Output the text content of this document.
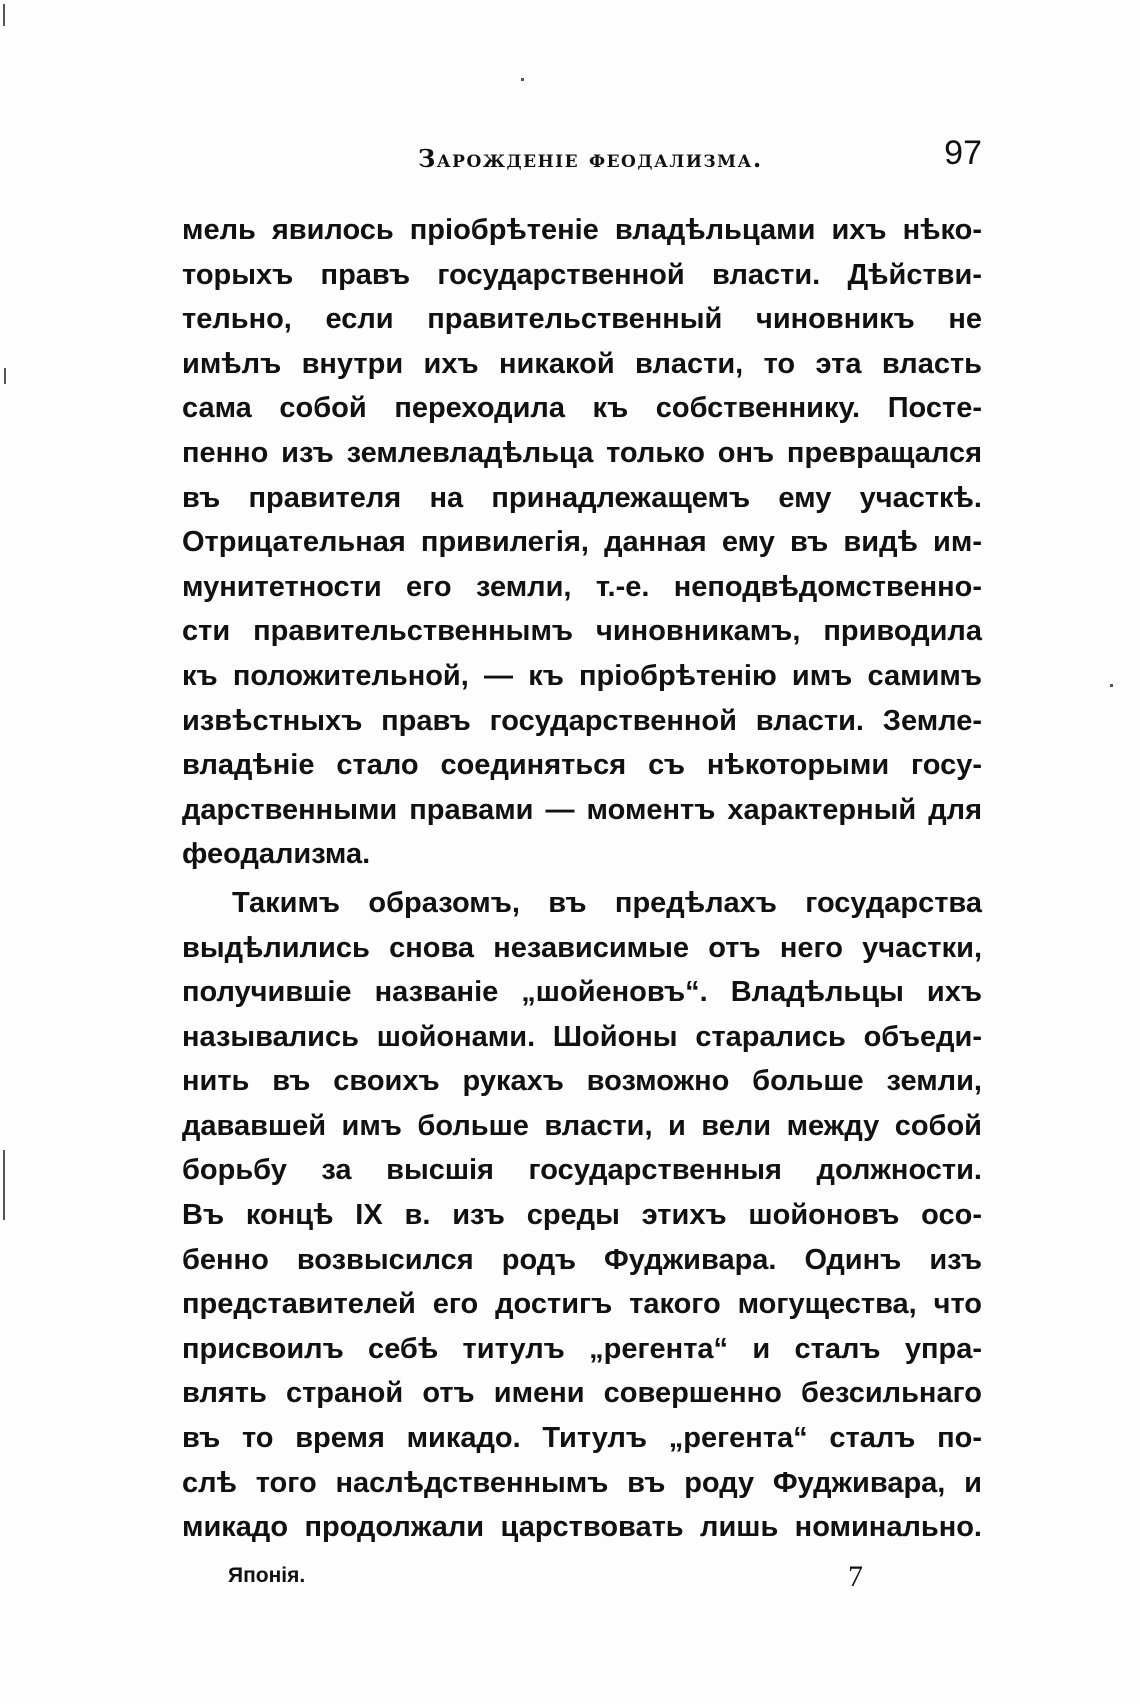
Зарожденіе феодализма.	97
мель явилось пріобрѣтеніе владѣльцами ихъ нѣко-
торыхъ правъ государственной власти. Дѣйстви-
тельно, если правительственный чиновникъ не
имѣлъ внутри ихъ никакой власти, то эта власть
сама собой переходила къ собственнику. Посте-
пенно изъ землевладѣльца только онъ превращался
въ правителя на принадлежащемъ ему участкѣ.
Отрицательная привилегія, данная ему въ видѣ им-
мунитетности его земли, т.-е. неподвѣдомственно-
сти правительственнымъ чиновникамъ, приводила
къ положительной, — къ пріобрѣтенію имъ самимъ
извѣстныхъ правъ государственной власти. Земле-
владѣніе стало соединяться съ нѣкоторыми госу-
дарственными правами — моментъ характерный для
феодализма.
Такимъ образомъ, въ предѣлахъ государства
выдѣлились снова независимые отъ него участки,
получившіе названіе „шойеновъ“. Владѣльцы ихъ
назывались шойонами. Шойоны старались объеди-
нить въ своихъ рукахъ возможно больше земли,
дававшей имъ больше власти, и вели между собой
борьбу за высшія государственныя должности.
Въ концѣ IX в. изъ среды этихъ шойоновъ осо-
бенно возвысился родъ Фудживара. Одинъ изъ
представителей его достигъ такого могущества, что
присвоилъ себѣ титулъ „регента“ и сталъ упра-
влять страной отъ имени совершенно безсильнаго
въ то время микадо. Титулъ „регента“ сталъ по-
слѣ того наслѣдственнымъ въ роду Фудживара, и
микадо продолжали царствовать лишь номинально.
Японія.	7
